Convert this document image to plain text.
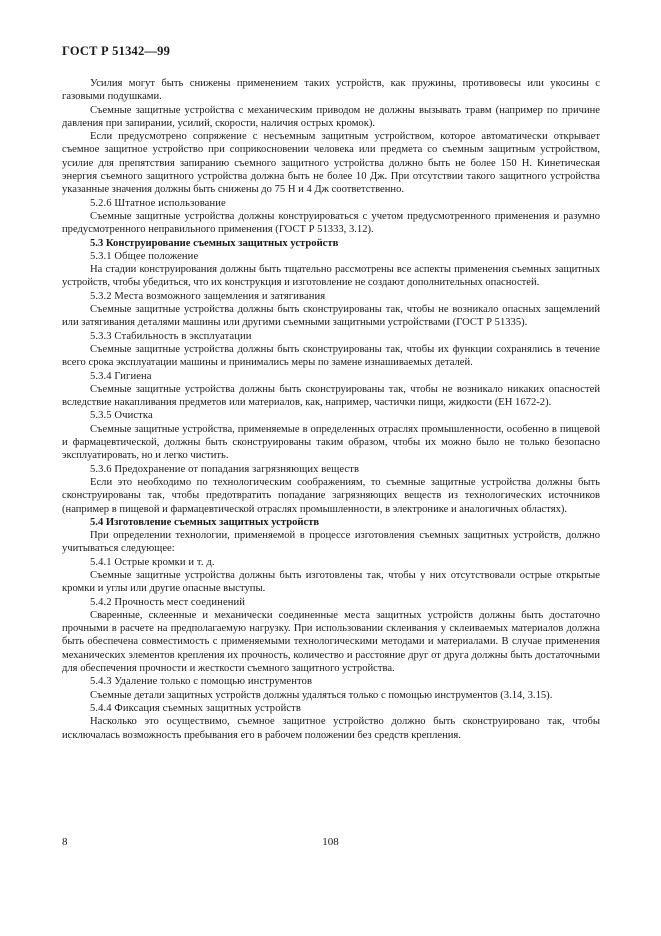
ГОСТ Р 51342—99

Усилия могут быть снижены применением таких устройств, как пружины, противовесы или укосины с газовыми подушками.

Съемные защитные устройства с механическим приводом не должны вызывать травм (например по причине давления при запирании, усилий, скорости, наличия острых кромок).

Если предусмотрено сопряжение с несъемным защитным устройством, которое автоматически открывает съемное защитное устройство при соприкосновении человека или предмета со съемным защитным устройством, усилие для препятствия запиранию съемного защитного устройства должно быть не более 150 Н. Кинетическая энергия съемного защитного устройства должна быть не более 10 Дж. При отсутствии такого защитного устройства указанные значения должны быть снижены до 75 Н и 4 Дж соответственно.

5.2.6 Штатное использование

Съемные защитные устройства должны конструироваться с учетом предусмотренного применения и разумно предусмотренного неправильного применения (ГОСТ Р 51333, 3.12).

5.3 Конструирование съемных защитных устройств

5.3.1 Общее положение

На стадии конструирования должны быть тщательно рассмотрены все аспекты применения съемных защитных устройств, чтобы убедиться, что их конструкция и изготовление не создают дополнительных опасностей.

5.3.2 Места возможного защемления и затягивания

Съемные защитные устройства должны быть сконструированы так, чтобы не возникало опасных защемлений или затягивания деталями машины или другими съемными защитными устройствами (ГОСТ Р 51335).

5.3.3 Стабильность в эксплуатации

Съемные защитные устройства должны быть сконструированы так, чтобы их функции сохранялись в течение всего срока эксплуатации машины и принимались меры по замене изнашиваемых деталей.

5.3.4 Гигиена

Съемные защитные устройства должны быть сконструированы так, чтобы не возникало никаких опасностей вследствие накапливания предметов или материалов, как, например, частички пищи, жидкости (ЕН 1672-2).

5.3.5 Очистка

Съемные защитные устройства, применяемые в определенных отраслях промышленности, особенно в пищевой и фармацевтической, должны быть сконструированы таким образом, чтобы их можно было не только безопасно эксплуатировать, но и легко чистить.

5.3.6 Предохранение от попадания загрязняющих веществ

Если это необходимо по технологическим соображениям, то съемные защитные устройства должны быть сконструированы так, чтобы предотвратить попадание загрязняющих веществ из технологических источников (например в пищевой и фармацевтической отраслях промышленности, в электронике и аналогичных областях).

5.4 Изготовление съемных защитных устройств

При определении технологии, применяемой в процессе изготовления съемных защитных устройств, должно учитываться следующее:

5.4.1 Острые кромки и т. д.

Съемные защитные устройства должны быть изготовлены так, чтобы у них отсутствовали острые открытые кромки и углы или другие опасные выступы.

5.4.2 Прочность мест соединений

Сваренные, склеенные и механически соединенные места защитных устройств должны быть достаточно прочными в расчете на предполагаемую нагрузку. При использовании склеивания у склеиваемых материалов должна быть обеспечена совместимость с применяемыми технологическими методами и материалами. В случае применения механических элементов крепления их прочность, количество и расстояние друг от друга должны быть достаточными для обеспечения прочности и жесткости съемного защитного устройства.

5.4.3 Удаление только с помощью инструментов

Съемные детали защитных устройств должны удаляться только с помощью инструментов (3.14, 3.15).

5.4.4 Фиксация съемных защитных устройств

Насколько это осуществимо, съемное защитное устройство должно быть сконструировано так, чтобы исключалась возможность пребывания его в рабочем положении без средств крепления.

8	108
